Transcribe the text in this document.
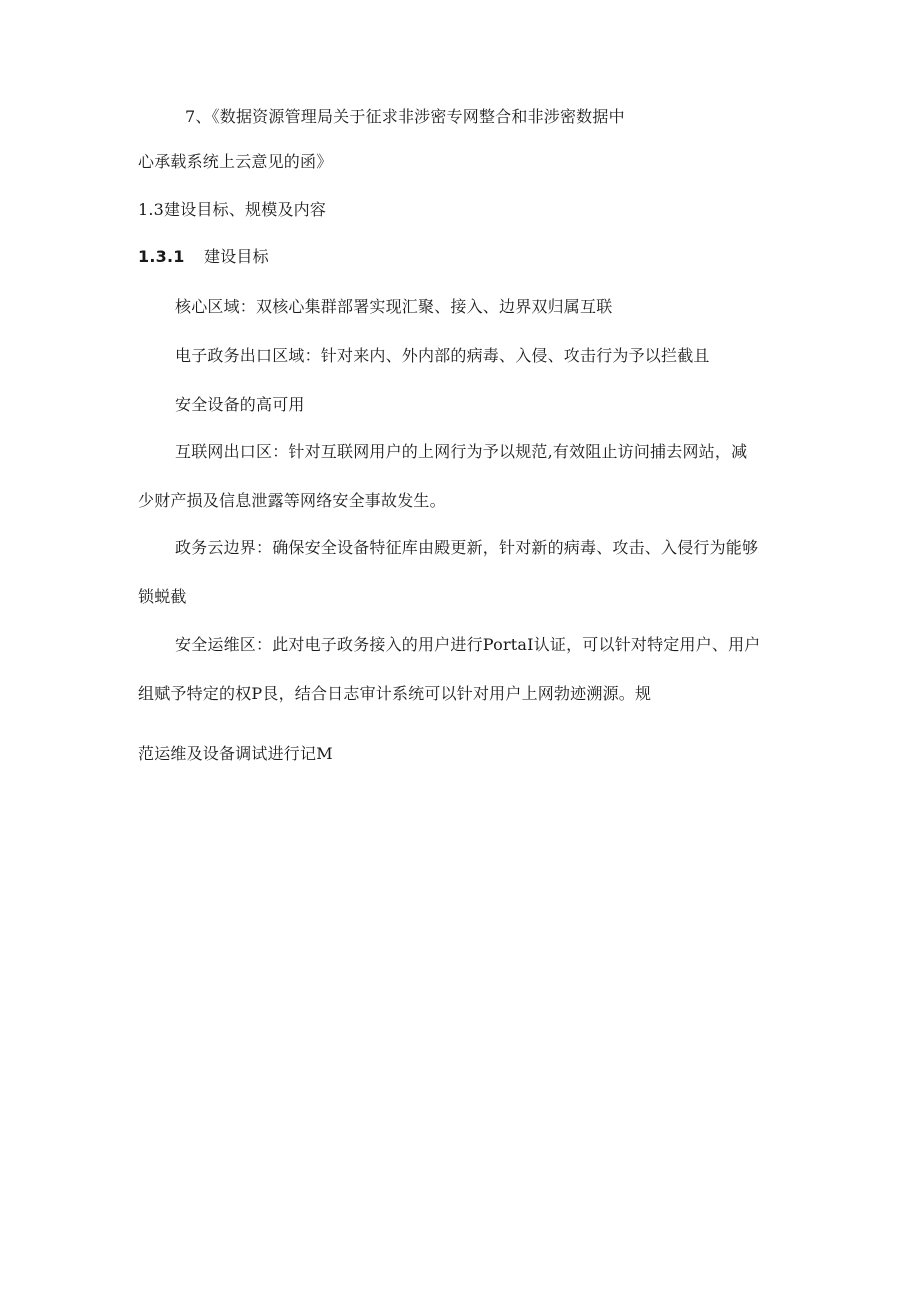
7、《数据资源管理局关于征求非涉密专网整合和非涉密数据中
心承载系统上云意见的函》
1.3建设目标、规模及内容
1.3.1 建设目标
核心区域：双核心集群部署实现汇聚、接入、边界双归属互联
电子政务出口区域：针对来内、外内部的病毒、入侵、攻击行为予以拦截且
安全设备的高可用
互联网出口区：针对互联网用户的上网行为予以规范,有效阻止访问捕去网站，减
少财产损及信息泄露等网络安全事故发生。
政务云边界：确保安全设备特征库由殿更新，针对新的病毒、攻击、入侵行为能够
锁蜕截
安全运维区：此对电子政务接入的用户进行PortaI认证，可以针对特定用户、用户
组赋予特定的权P艮，结合日志审计系统可以针对用户上网勃迹溯源。规
范运维及设备调试进行记M
